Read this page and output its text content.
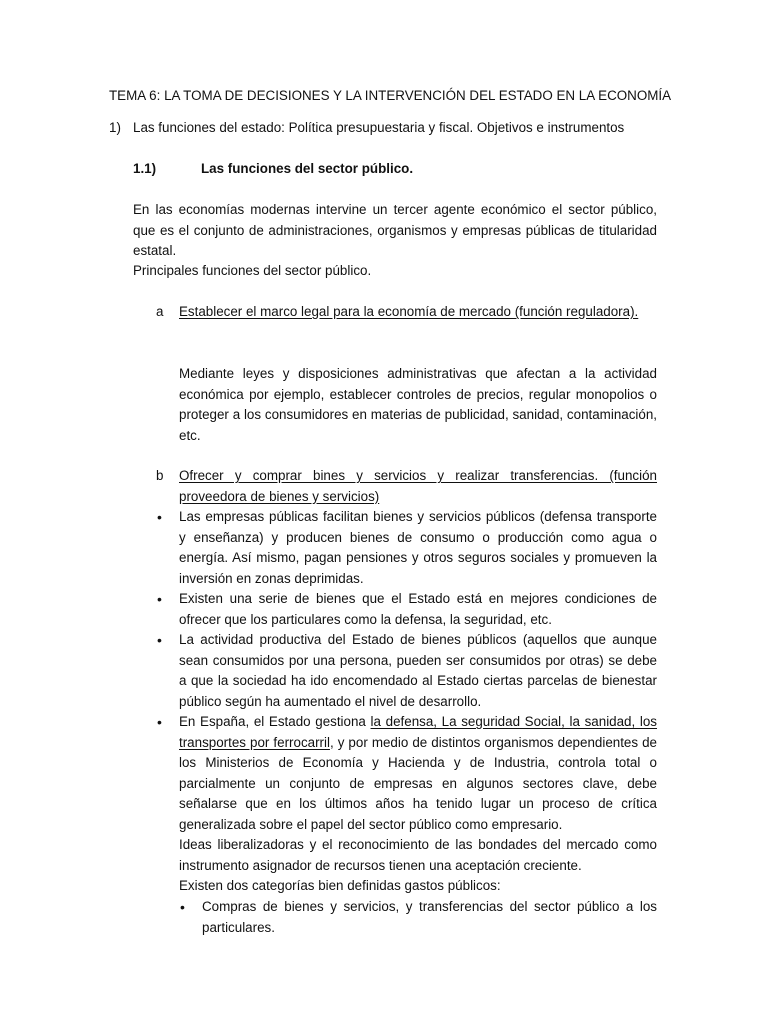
TEMA 6: LA TOMA DE DECISIONES Y LA INTERVENCIÓN DEL ESTADO EN LA ECONOMÍA
1) Las funciones del estado: Política presupuestaria y fiscal. Objetivos e instrumentos
1.1)	Las funciones del sector público.

En las economías modernas intervine un tercer agente económico el sector público, que es el conjunto de administraciones, organismos y empresas públicas de titularidad estatal.

Principales funciones del sector público.
a Establecer el marco legal para la economía de mercado (función reguladora).

Mediante leyes y disposiciones administrativas que afectan a la actividad económica por ejemplo, establecer controles de precios, regular monopolios o proteger a los consumidores en materias de publicidad, sanidad, contaminación, etc.

b Ofrecer y comprar bines y servicios y realizar transferencias. (función proveedora de bienes y servicios)

• Las empresas públicas facilitan bienes y servicios públicos (defensa transporte y enseñanza) y producen bienes de consumo o producción como agua o energía. Así mismo, pagan pensiones y otros seguros sociales y promueven la inversión en zonas deprimidas.

• Existen una serie de bienes que el Estado está en mejores condiciones de ofrecer que los particulares como la defensa, la seguridad, etc.

• La actividad productiva del Estado de bienes públicos (aquellos que aunque sean consumidos por una persona, pueden ser consumidos por otras) se debe a que la sociedad ha ido encomendado al Estado ciertas parcelas de bienestar público según ha aumentado el nivel de desarrollo.

• En España, el Estado gestiona la defensa, La seguridad Social, la sanidad, los transportes por ferrocarril, y por medio de distintos organismos dependientes de los Ministerios de Economía y Hacienda y de Industria, controla total o parcialmente un conjunto de empresas en algunos sectores clave, debe señalarse que en los últimos años ha tenido lugar un proceso de crítica generalizada sobre el papel del sector público como empresario.

Ideas liberalizadoras y el reconocimiento de las bondades del mercado como instrumento asignador de recursos tienen una aceptación creciente.

Existen dos categorías bien definidas gastos públicos:
• Compras de bienes y servicios, y transferencias del sector público a los particulares.
